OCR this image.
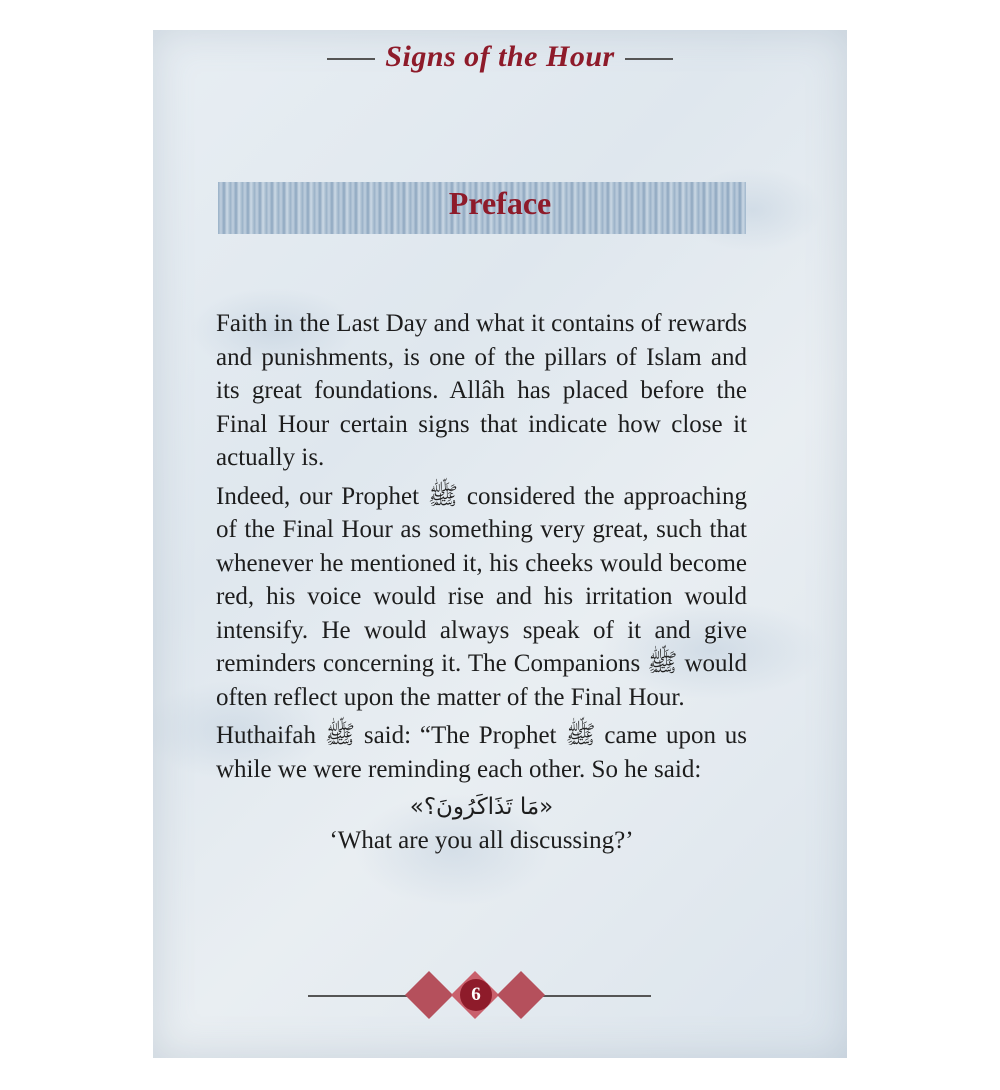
Signs of the Hour
Preface

Faith in the Last Day and what it contains of rewards and punishments, is one of the pillars of Islam and its great foundations. Allâh has placed before the Final Hour certain signs that indicate how close it actually is.

Indeed, our Prophet ﷺ considered the approaching of the Final Hour as something very great, such that whenever he mentioned it, his cheeks would become red, his voice would rise and his irritation would intensify. He would always speak of it and give reminders concerning it. The Companions ﷺ would often reflect upon the matter of the Final Hour.

Huthaifah ﷺ said: “The Prophet ﷺ came upon us while we were reminding each other. So he said:

«مَا تَذَاكَرُونَ؟»
‘What are you all discussing?’
6
